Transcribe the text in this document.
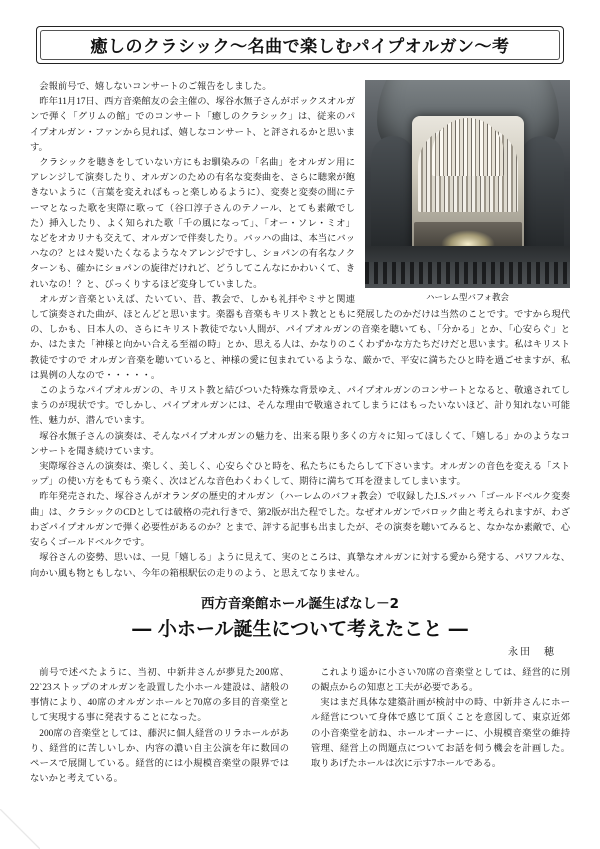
癒しのクラシック～名曲で楽しむパイプオルガン～考
ハーレム型バフォ教会

会報前号で、嬉しないコンサートのご報告をしました。

昨年11月17日、西方音楽館友の会主催の、塚谷水無子さんがボックスオルガンで弾く「グリムの館」でのコンサート「癒しのクラシック」は、従来のパイプオルガン・ファンから見れば、嬉しなコンサート、と評されるかと思います。

クラシックを聴きをしていない方にもお馴染みの「名曲」をオルガン用にアレンジして演奏したり、オルガンのための有名な変奏曲を、さらに聴衆が飽きないように（言葉を変えればもっと楽しめるように）、変奏と変奏の間にテーマとなった歌を実際に歌って（谷口淳子さんのテノール、とても素敵でした）挿入したり、よく知られた歌「千の風になって」、「オー・ソレ・ミオ」などをオカリナも交えて、オルガンで伴奏したり。バッハの曲は、本当にバッハなの？とは々髪いたくなるような々アレンジですし、ショパンの有名なノクターンも、確かにショパンの旋律だけれど、どうしてこんなにかわいくて、きれいなの！？と、びっくりするほど変身していました。

オルガン音楽といえば、たいてい、昔、教会で、しかも礼拝やミサと関連して演奏された曲が、ほとんどと思います。楽器も音楽もキリスト教とともに発展したのかだけは当然のことです。ですから現代の、しかも、日本人の、さらにキリスト教徒でない人間が、パイプオルガンの音楽を聴いても、「分かる」とか、「心安らぐ」とか、はたまた「神様と向かい合える至福の時」とか、思える人は、かなりのこくわずかな方たちだけだと思います。私はキリスト教徒ですので オルガン音楽を聴いていると、神様の愛に包まれているような、厳かで、平安に満ちたひと時を過ごせますが、私は異例の人なので・・・・・。

このようなパイプオルガンの、キリスト教と結びついた特殊な背景ゆえ、パイプオルガンのコンサートとなると、敬遠されてしまうのが現状です。でしかし、パイプオルガンには、そんな理由で敬遠されてしまうにはもったいないほど、計り知れない可能性、魅力が、潜んでいます。

塚谷水無子さんの演奏は、そんなパイプオルガンの魅力を、出来る限り多くの方々に知ってほしくて、「嬉しる」かのようなコンサートを聞き続けています。

実際塚谷さんの演奏は、楽しく、美しく、心安らぐひと時を、私たちにもたらして下さいます。オルガンの音色を変える「ストップ」の使い方をもてもう楽く、次はどんな音色わくわくして、期待に満ちて耳を澄ましてしまいます。

昨年発売された、塚谷さんがオランダの歴史的オルガン（ハーレムのバフォ教会）で収録したJ.S.バッハ「ゴールドベルク変奏曲」は、クラシックのCDとしては破格の売れ行きで、第2版が出た程でした。なぜオルガンでバロック曲と考えられますが、わざわざパイプオルガンで弾く必要性があるのか？とまで、評する記事も出ましたが、その演奏を聴いてみると、なかなか素敵で、心安らくゴールドベルクです。

塚谷さんの姿勢、思いは、一見「嬉しる」ように見えて、実のところは、真摯なオルガンに対する愛から発する、パワフルな、向かい風も物ともしない、今年の箱根駅伝の走りのよう、と思えてなりません。

西方音楽館ホール誕生ばなし－2
― 小ホール誕生について考えたこと ―
永田　穂

前号で述べたように、当初、中新井さんが夢見た200席、22`23ストップのオルガンを設置した小ホール建設は、諸般の事情により、40席のオルガンホールと70席の多目的音楽堂として実現する事に発表することになった。

200席の音楽堂としては、藤沢に個人経営のリラホールがあり、経営的に苦しいしか、内容の濃い自主公演を年に数回のペースで展開している。経営的には小規模音楽堂の限界ではないかと考えている。

これより遥かに小さい70席の音楽堂としては、経営的に別の観点からの知恵と工夫が必要である。

実はまだ具体な建築計画が検討中の時、中新井さんにホール経営について身体で感じて頂くことを意図して、東京近郊の小音楽堂を訪ね、ホールオーナーに、小規模音楽堂の維持管理、経営上の問題点についてお話を伺う機会を計画した。取りあげたホールは次に示す7ホールである。
